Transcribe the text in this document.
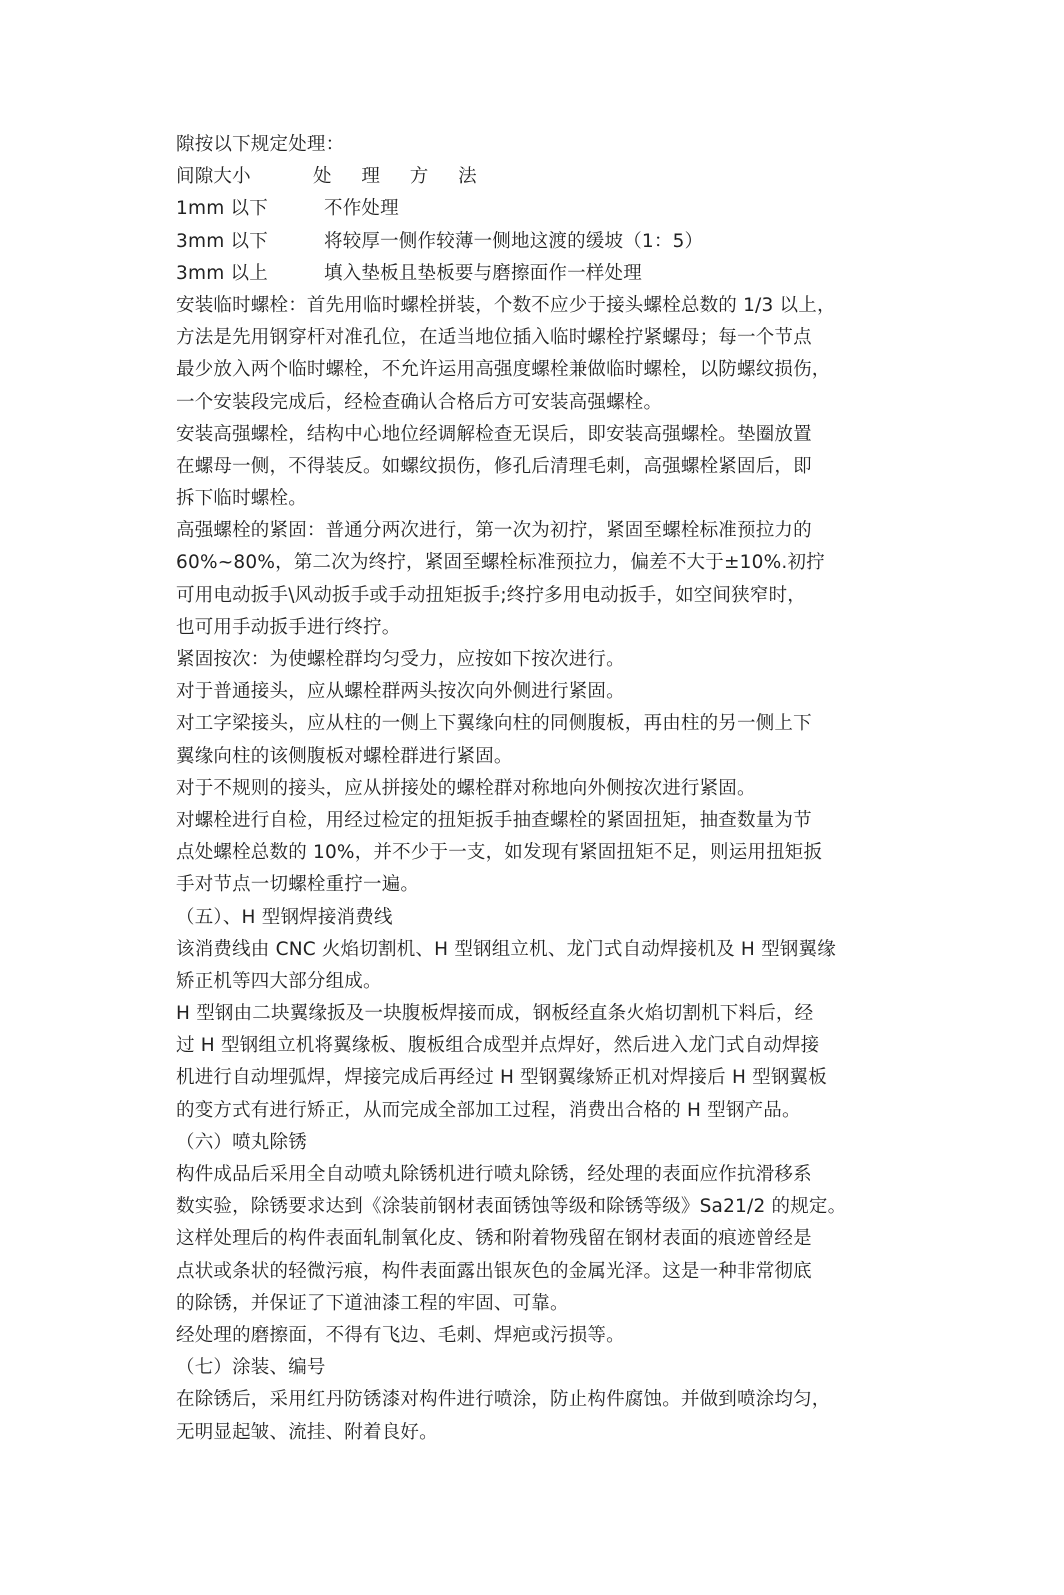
隙按以下规定处理：
间隙大小	处 理 方 法
1mm 以下	不作处理
3mm 以下	将较厚一侧作较薄一侧地这渡的缓坡（1：5）
3mm 以上	填入垫板且垫板要与磨擦面作一样处理
安装临时螺栓：首先用临时螺栓拼装，个数不应少于接头螺栓总数的 1/3 以上，
方法是先用钢穿杆对准孔位，在适当地位插入临时螺栓拧紧螺母；每一个节点
最少放入两个临时螺栓，不允许运用高强度螺栓兼做临时螺栓，以防螺纹损伤，
一个安装段完成后，经检查确认合格后方可安装高强螺栓。
安装高强螺栓，结构中心地位经调解检查无误后，即安装高强螺栓。垫圈放置
在螺母一侧，不得装反。如螺纹损伤，修孔后清理毛刺，高强螺栓紧固后，即
拆下临时螺栓。
高强螺栓的紧固：普通分两次进行，第一次为初拧，紧固至螺栓标准预拉力的
60%~80%，第二次为终拧，紧固至螺栓标准预拉力，偏差不大于±10%.初拧
可用电动扳手\风动扳手或手动扭矩扳手;终拧多用电动扳手，如空间狭窄时，
也可用手动扳手进行终拧。
紧固按次：为使螺栓群均匀受力，应按如下按次进行。
对于普通接头，应从螺栓群两头按次向外侧进行紧固。
对工字梁接头，应从柱的一侧上下翼缘向柱的同侧腹板，再由柱的另一侧上下
翼缘向柱的该侧腹板对螺栓群进行紧固。
对于不规则的接头，应从拼接处的螺栓群对称地向外侧按次进行紧固。
对螺栓进行自检，用经过检定的扭矩扳手抽查螺栓的紧固扭矩，抽查数量为节
点处螺栓总数的 10%，并不少于一支，如发现有紧固扭矩不足，则运用扭矩扳
手对节点一切螺栓重拧一遍。
（五）、H 型钢焊接消费线
该消费线由 CNC 火焰切割机、H 型钢组立机、龙门式自动焊接机及 H 型钢翼缘
矫正机等四大部分组成。
H 型钢由二块翼缘扳及一块腹板焊接而成，钢板经直条火焰切割机下料后，经
过 H 型钢组立机将翼缘板、腹板组合成型并点焊好，然后进入龙门式自动焊接
机进行自动埋弧焊，焊接完成后再经过 H 型钢翼缘矫正机对焊接后 H 型钢翼板
的变方式有进行矫正，从而完成全部加工过程，消费出合格的 H 型钢产品。
（六）喷丸除锈
构件成品后采用全自动喷丸除锈机进行喷丸除锈，经处理的表面应作抗滑移系
数实验，除锈要求达到《涂装前钢材表面锈蚀等级和除锈等级》Sa21/2 的规定。
这样处理后的构件表面轧制氧化皮、锈和附着物残留在钢材表面的痕迹曾经是
点状或条状的轻微污痕，构件表面露出银灰色的金属光泽。这是一种非常彻底
的除锈，并保证了下道油漆工程的牢固、可靠。
经处理的磨擦面，不得有飞边、毛刺、焊疤或污损等。
（七）涂装、编号
在除锈后，采用红丹防锈漆对构件进行喷涂，防止构件腐蚀。并做到喷涂均匀，
无明显起皱、流挂、附着良好。
